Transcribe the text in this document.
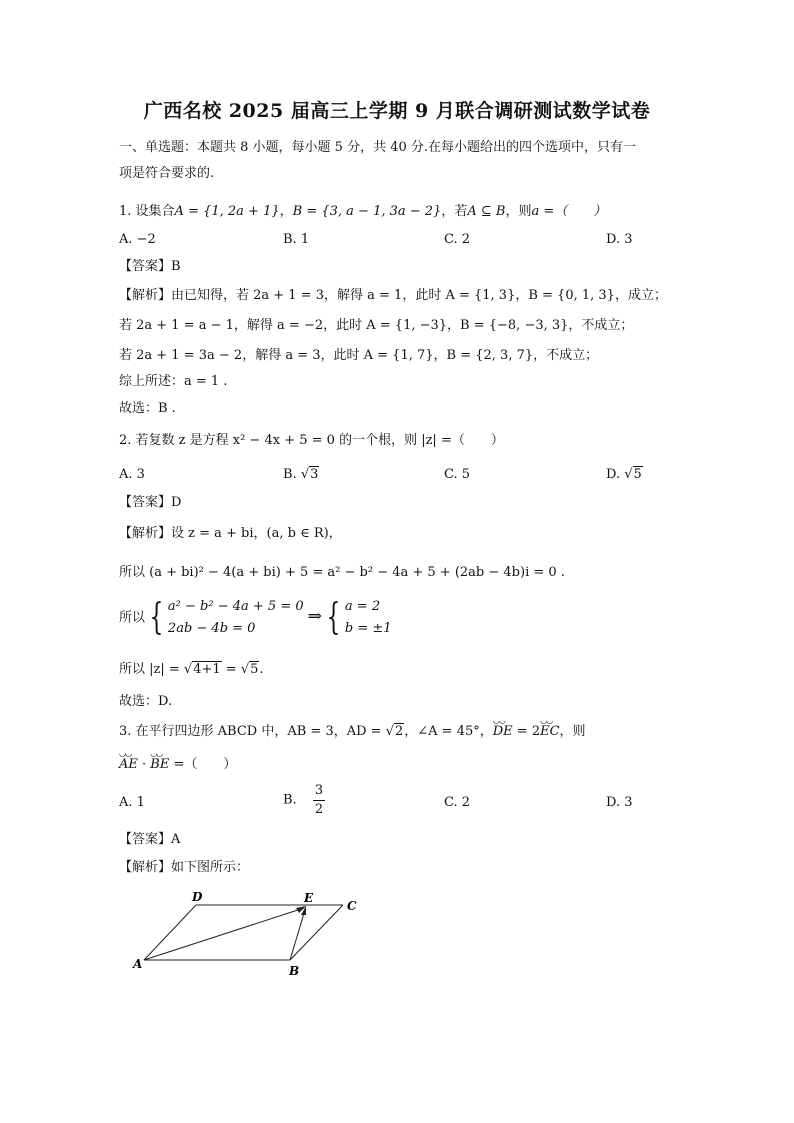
广西名校 2025 届高三上学期 9 月联合调研测试数学试卷
一、单选题：本题共 8 小题，每小题 5 分，共 40 分.在每小题给出的四个选项中，只有一
项是符合要求的.
1. 设集合A = {1, 2a + 1}，B = {3, a − 1, 3a − 2}，若A ⊆ B，则a =（　　）
A. −2	B. 1	C. 2	D. 3
【答案】B
【解析】由已知得，若 2a + 1 = 3，解得 a = 1，此时 A = {1, 3}，B = {0, 1, 3}，成立；
若 2a + 1 = a − 1，解得 a = −2，此时 A = {1, −3}，B = {−8, −3, 3}，不成立；
若 2a + 1 = 3a − 2，解得 a = 3，此时 A = {1, 7}，B = {2, 3, 7}，不成立；
综上所述：a = 1 .
故选：B .
2. 若复数 z 是方程 x² − 4x + 5 = 0 的一个根，则 |z| =（　　）
A. 3	B. √3	C. 5	D. √5
【答案】D
【解析】设 z = a + bi，(a, b ∈ R)，
所以 (a + bi)² − 4(a + bi) + 5 = a² − b² − 4a + 5 + (2ab − 4b)i = 0 .
所以 { a² − b² − 4a + 5 = 0
2ab − 4b = 0
⇒ { a = 2
b = ±1
所以 |z| = √4+1 = √5.
故选：D.
3. 在平行四边形 ABCD 中，AB = 3，AD = √2，∠A = 45°，◡◡ DE = 2◡◡ EC，则
◡◡ AE · ◡◡ BE =（　　）
A. 1	B. $\frac{3}{2}$	C. 2	D. 3
【答案】A
【解析】如下图所示：
A	B
C
D	E
